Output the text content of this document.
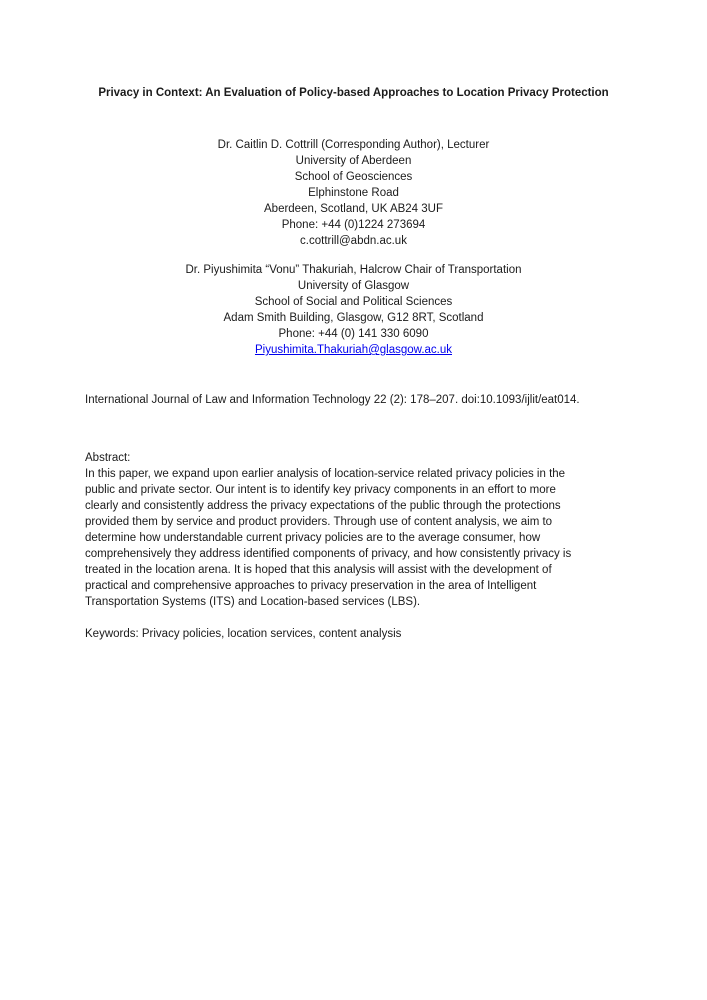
Privacy in Context: An Evaluation of Policy-based Approaches to Location Privacy Protection
Dr. Caitlin D. Cottrill (Corresponding Author), Lecturer
University of Aberdeen
School of Geosciences
Elphinstone Road
Aberdeen, Scotland, UK AB24 3UF
Phone: +44 (0)1224 273694
c.cottrill@abdn.ac.uk
Dr. Piyushimita “Vonu” Thakuriah, Halcrow Chair of Transportation
University of Glasgow
School of Social and Political Sciences
Adam Smith Building, Glasgow, G12 8RT, Scotland
Phone: +44 (0) 141 330 6090
Piyushimita.Thakuriah@glasgow.ac.uk
International Journal of Law and Information Technology 22 (2): 178–207. doi:10.1093/ijlit/eat014.
Abstract:
In this paper, we expand upon earlier analysis of location-service related privacy policies in the
public and private sector. Our intent is to identify key privacy components in an effort to more
clearly and consistently address the privacy expectations of the public through the protections
provided them by service and product providers. Through use of content analysis, we aim to
determine how understandable current privacy policies are to the average consumer, how
comprehensively they address identified components of privacy, and how consistently privacy is
treated in the location arena. It is hoped that this analysis will assist with the development of
practical and comprehensive approaches to privacy preservation in the area of Intelligent
Transportation Systems (ITS) and Location-based services (LBS).
Keywords: Privacy policies, location services, content analysis
